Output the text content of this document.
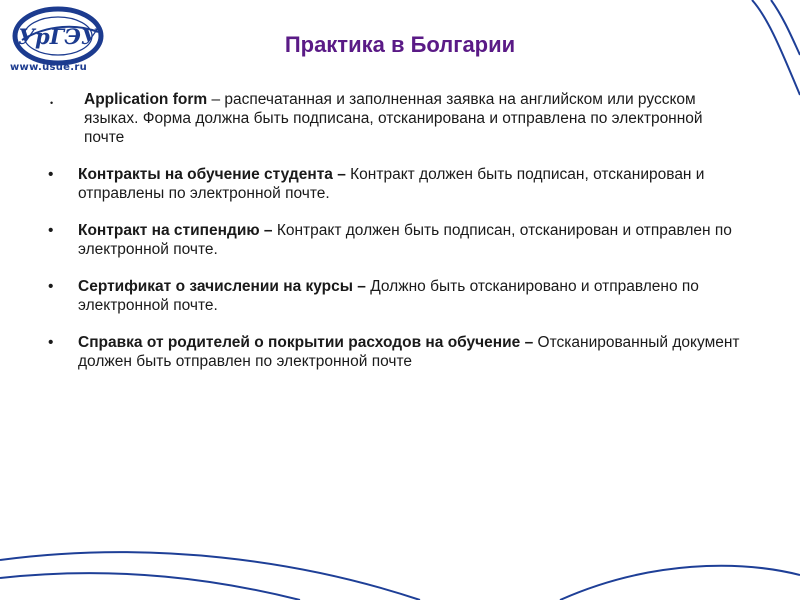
УрГЭУ
www.usue.ru
Практика в Болгарии
• Application form – распечатанная и заполненная заявка на английском или русском языках. Форма должна быть подписана, отсканирована и отправлена по электронной почте
• Контракты на обучение студента – Контракт должен быть подписан, отсканирован и отправлены по электронной почте.
• Контракт на стипендию – Контракт должен быть подписан, отсканирован и отправлен по электронной почте.
• Сертификат о зачислении на курсы – Должно быть отсканировано и отправлено по электронной почте.
• Справка от родителей о покрытии расходов на обучение – Отсканированный документ должен быть отправлен по электронной почте
